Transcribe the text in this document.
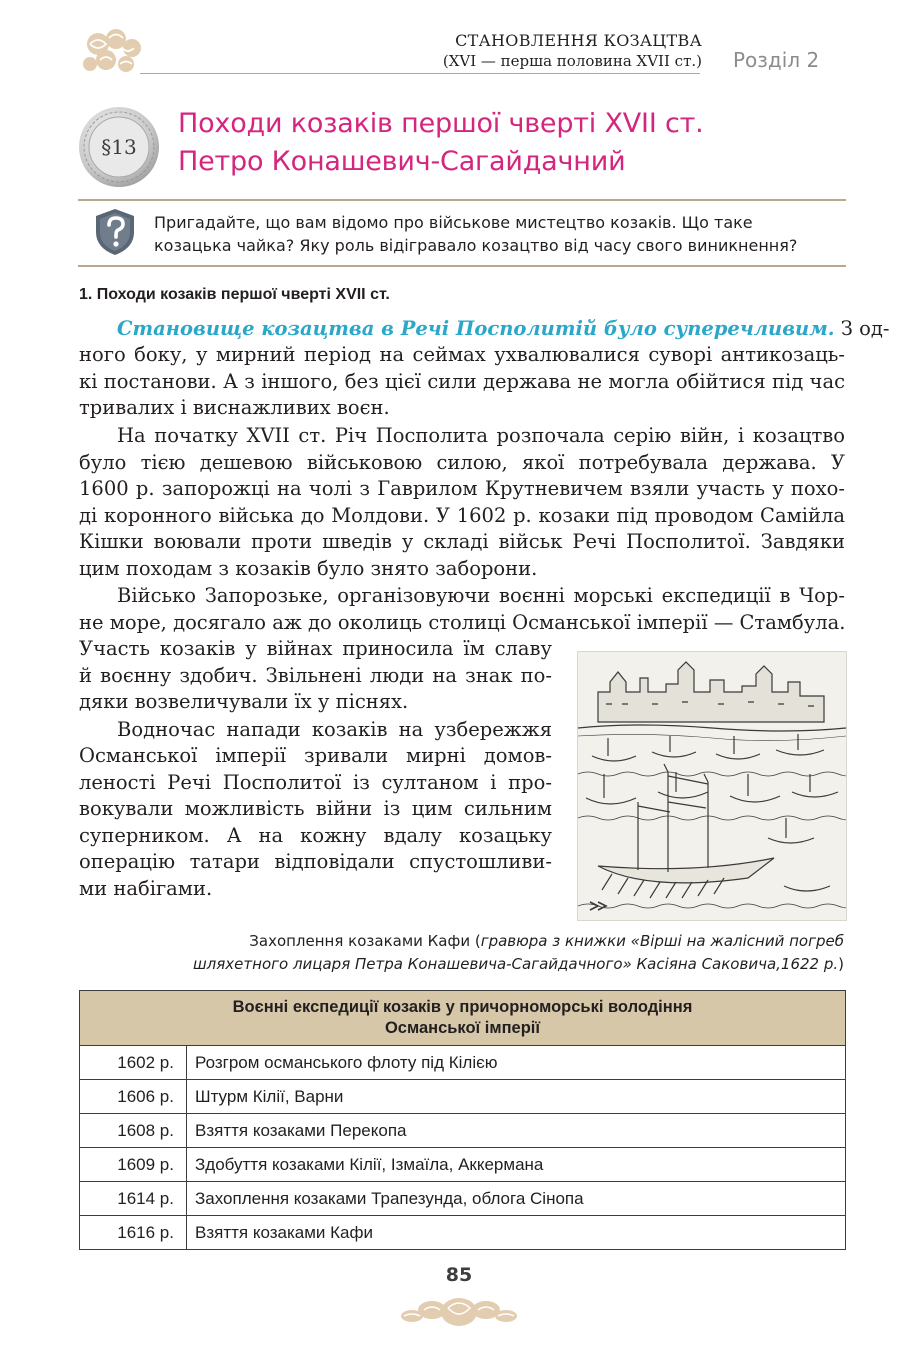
СТАНОВЛЕННЯ КОЗАЦТВА
(XVI — перша половина XVII ст.) Розділ 2
§13
Походи козаків першої чверті XVII ст.
Петро Конашевич-Сагайдачний
Пригадайте, що вам відомо про військове мистецтво козаків. Що таке
козацька чайка? Яку роль відігравало козацтво від часу свого виникнення?
1. Походи козаків першої чверті XVII ст.
Становище козацтва в Речі Посполитій було суперечливим. З од-
ного боку, у мирний період на сеймах ухвалювалися суворі антикозаць-
кі постанови. А з іншого, без цієї сили держава не могла обійтися під час
тривалих і виснажливих воєн.
На початку XVII ст. Річ Посполита розпочала серію війн, і козацтво
було тією дешевою військовою силою, якої потребувала держава. У
1600 р. запорожці на чолі з Гаврилом Крутневичем взяли участь у похо-
ді коронного війська до Молдови. У 1602 р. козаки під проводом Самійла
Кішки воювали проти шведів у складі військ Речі Посполитої. Завдяки
цим походам з козаків було знято заборони.
Військо Запорозьке, організовуючи воєнні морські експедиції в Чор-
не море, досягало аж до околиць столиці Османської імперії — Стамбула.
Участь козаків у війнах приносила їм славу
й воєнну здобич. Звільнені люди на знак по-
дяки возвеличували їх у піснях.
Водночас напади козаків на узбережжя
Османської імперії зривали мирні домов-
леності Речі Посполитої із султаном і про-
вокували можливість війни із цим сильним
суперником. А на кожну вдалу козацьку
операцію татари відповідали спустошливи-
ми набігами.
Захоплення козаками Кафи (гравюра з книжки «Вірші на жалісний погреб
шляхетного лицаря Петра Конашевича-Сагайдачного» Касіяна Саковича,1622 р.)
Воєнні експедиції козаків у причорноморські володіння
Османської імперії	
1602 р.	Розгром османського флоту під Кілією
1606 р.	Штурм Кілії, Варни
1608 р.	Взяття козаками Перекопа
1609 р.	Здобуття козаками Кілії, Ізмаїла, Аккермана
1614 р.	Захоплення козаками Трапезунда, облога Сінопа
1616 р.	Взяття козаками Кафи
85
